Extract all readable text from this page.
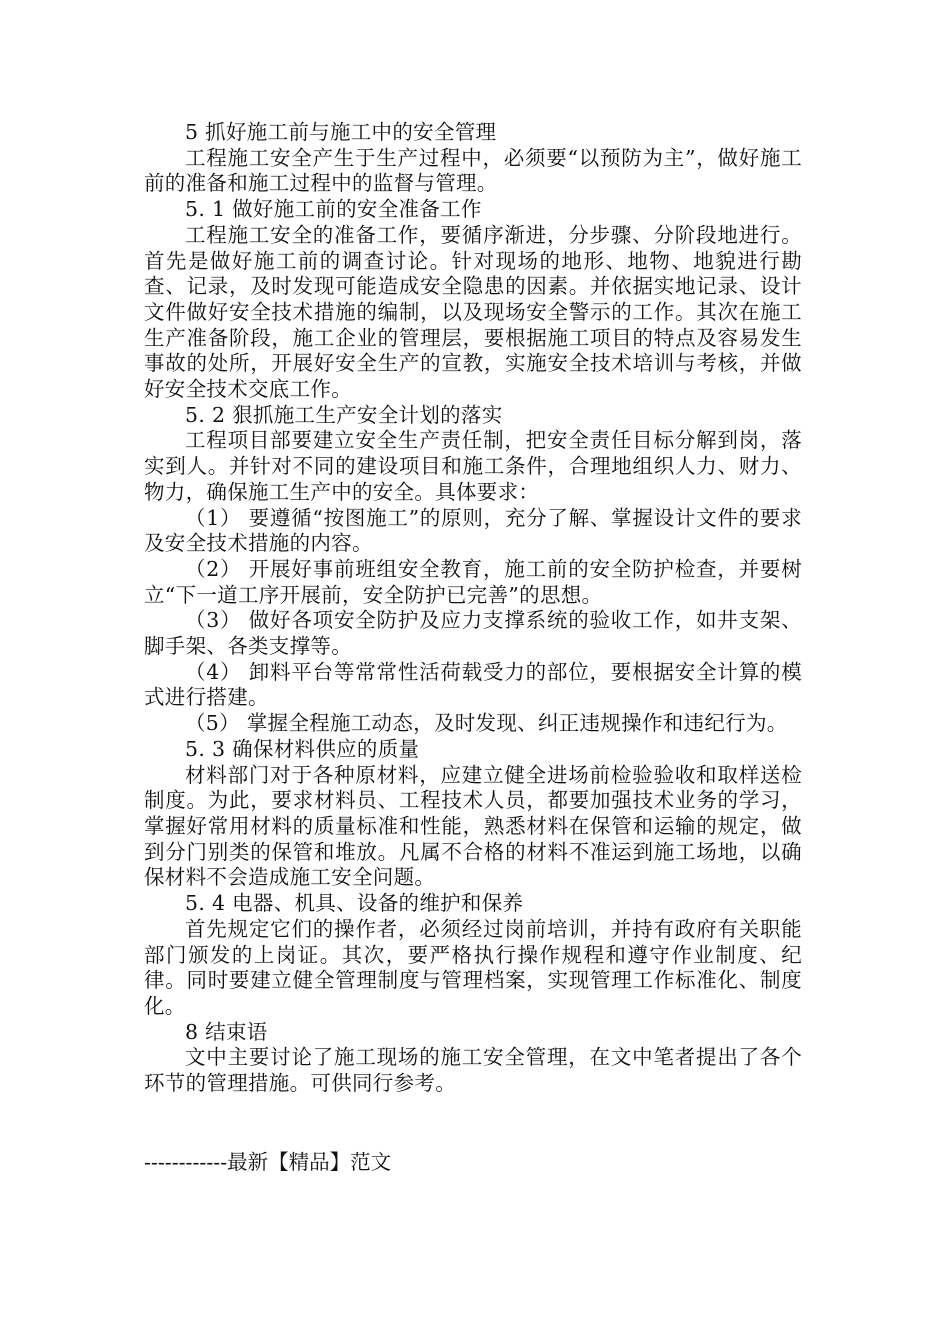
5 抓好施工前与施工中的安全管理
工程施工安全产生于生产过程中，必须要“以预防为主”，做好施工前的准备和施工过程中的监督与管理。
5. 1 做好施工前的安全准备工作
工程施工安全的准备工作，要循序渐进，分步骤、分阶段地进行。首先是做好施工前的调查讨论。针对现场的地形、地物、地貌进行勘查、记录，及时发现可能造成安全隐患的因素。并依据实地记录、设计文件做好安全技术措施的编制，以及现场安全警示的工作。其次在施工生产准备阶段，施工企业的管理层，要根据施工项目的特点及容易发生事故的处所，开展好安全生产的宣教，实施安全技术培训与考核，并做好安全技术交底工作。
5. 2 狠抓施工生产安全计划的落实
工程项目部要建立安全生产责任制，把安全责任目标分解到岗，落实到人。并针对不同的建设项目和施工条件，合理地组织人力、财力、物力，确保施工生产中的安全。具体要求：
（1） 要遵循“按图施工”的原则，充分了解、掌握设计文件的要求及安全技术措施的内容。
（2） 开展好事前班组安全教育，施工前的安全防护检查，并要树立“下一道工序开展前，安全防护已完善”的思想。
（3） 做好各项安全防护及应力支撑系统的验收工作，如井支架、脚手架、各类支撑等。
（4） 卸料平台等常常性活荷载受力的部位，要根据安全计算的模式进行搭建。
（5） 掌握全程施工动态，及时发现、纠正违规操作和违纪行为。
5. 3 确保材料供应的质量
材料部门对于各种原材料，应建立健全进场前检验验收和取样送检制度。为此，要求材料员、工程技术人员，都要加强技术业务的学习，掌握好常用材料的质量标准和性能，熟悉材料在保管和运输的规定，做到分门别类的保管和堆放。凡属不合格的材料不准运到施工场地，以确保材料不会造成施工安全问题。
5. 4 电器、机具、设备的维护和保养
首先规定它们的操作者，必须经过岗前培训，并持有政府有关职能部门颁发的上岗证。其次，要严格执行操作规程和遵守作业制度、纪律。同时要建立健全管理制度与管理档案，实现管理工作标准化、制度化。
8 结束语
文中主要讨论了施工现场的施工安全管理，在文中笔者提出了各个环节的管理措施。可供同行参考。
------------最新【精品】范文
